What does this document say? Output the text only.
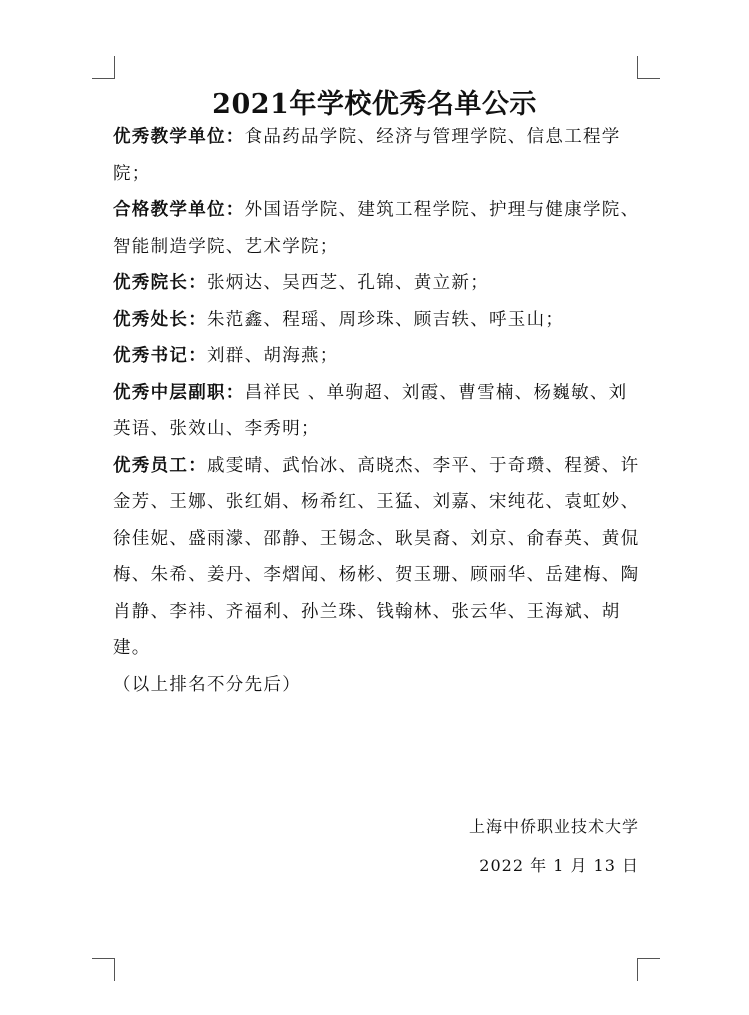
2021年学校优秀名单公示

优秀教学单位：食品药品学院、经济与管理学院、信息工程学院；

合格教学单位：外国语学院、建筑工程学院、护理与健康学院、智能制造学院、艺术学院；

优秀院长：张炳达、吴西芝、孔锦、黄立新；

优秀处长：朱范鑫、程瑶、周珍珠、顾吉轶、呼玉山；

优秀书记：刘群、胡海燕；

优秀中层副职：昌祥民 、单驹超、刘霞、曹雪楠、杨巍敏、刘英语、张效山、李秀明；

优秀员工：戚雯晴、武怡冰、高晓杰、李平、于奇瓒、程赟、许金芳、王娜、张红娟、杨希红、王猛、刘嘉、宋纯花、袁虹妙、徐佳妮、盛雨濛、邵静、王锡念、耿昊裔、刘京、俞春英、黄侃梅、朱希、姜丹、李熠闻、杨彬、贺玉珊、顾丽华、岳建梅、陶肖静、李祎、齐福利、孙兰珠、钱翰林、张云华、王海斌、胡建。

（以上排名不分先后）

上海中侨职业技术大学
2022 年 1 月 13 日
